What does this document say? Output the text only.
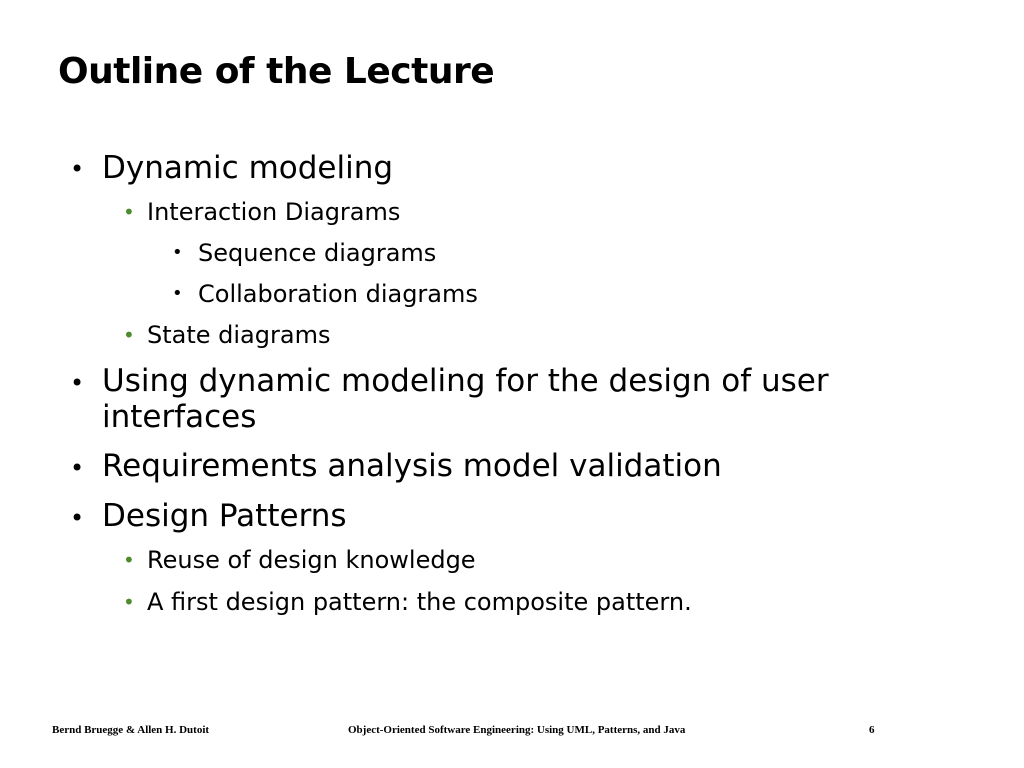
Outline of the Lecture
• Dynamic modeling
• Interaction Diagrams
• Sequence diagrams
• Collaboration diagrams
• State diagrams
• Using dynamic modeling for the design of user
interfaces
• Requirements analysis model validation
• Design Patterns
• Reuse of design knowledge
• A first design pattern: the composite pattern.
Bernd Bruegge & Allen H. Dutoit	Object-Oriented Software Engineering: Using UML, Patterns, and Java	6
